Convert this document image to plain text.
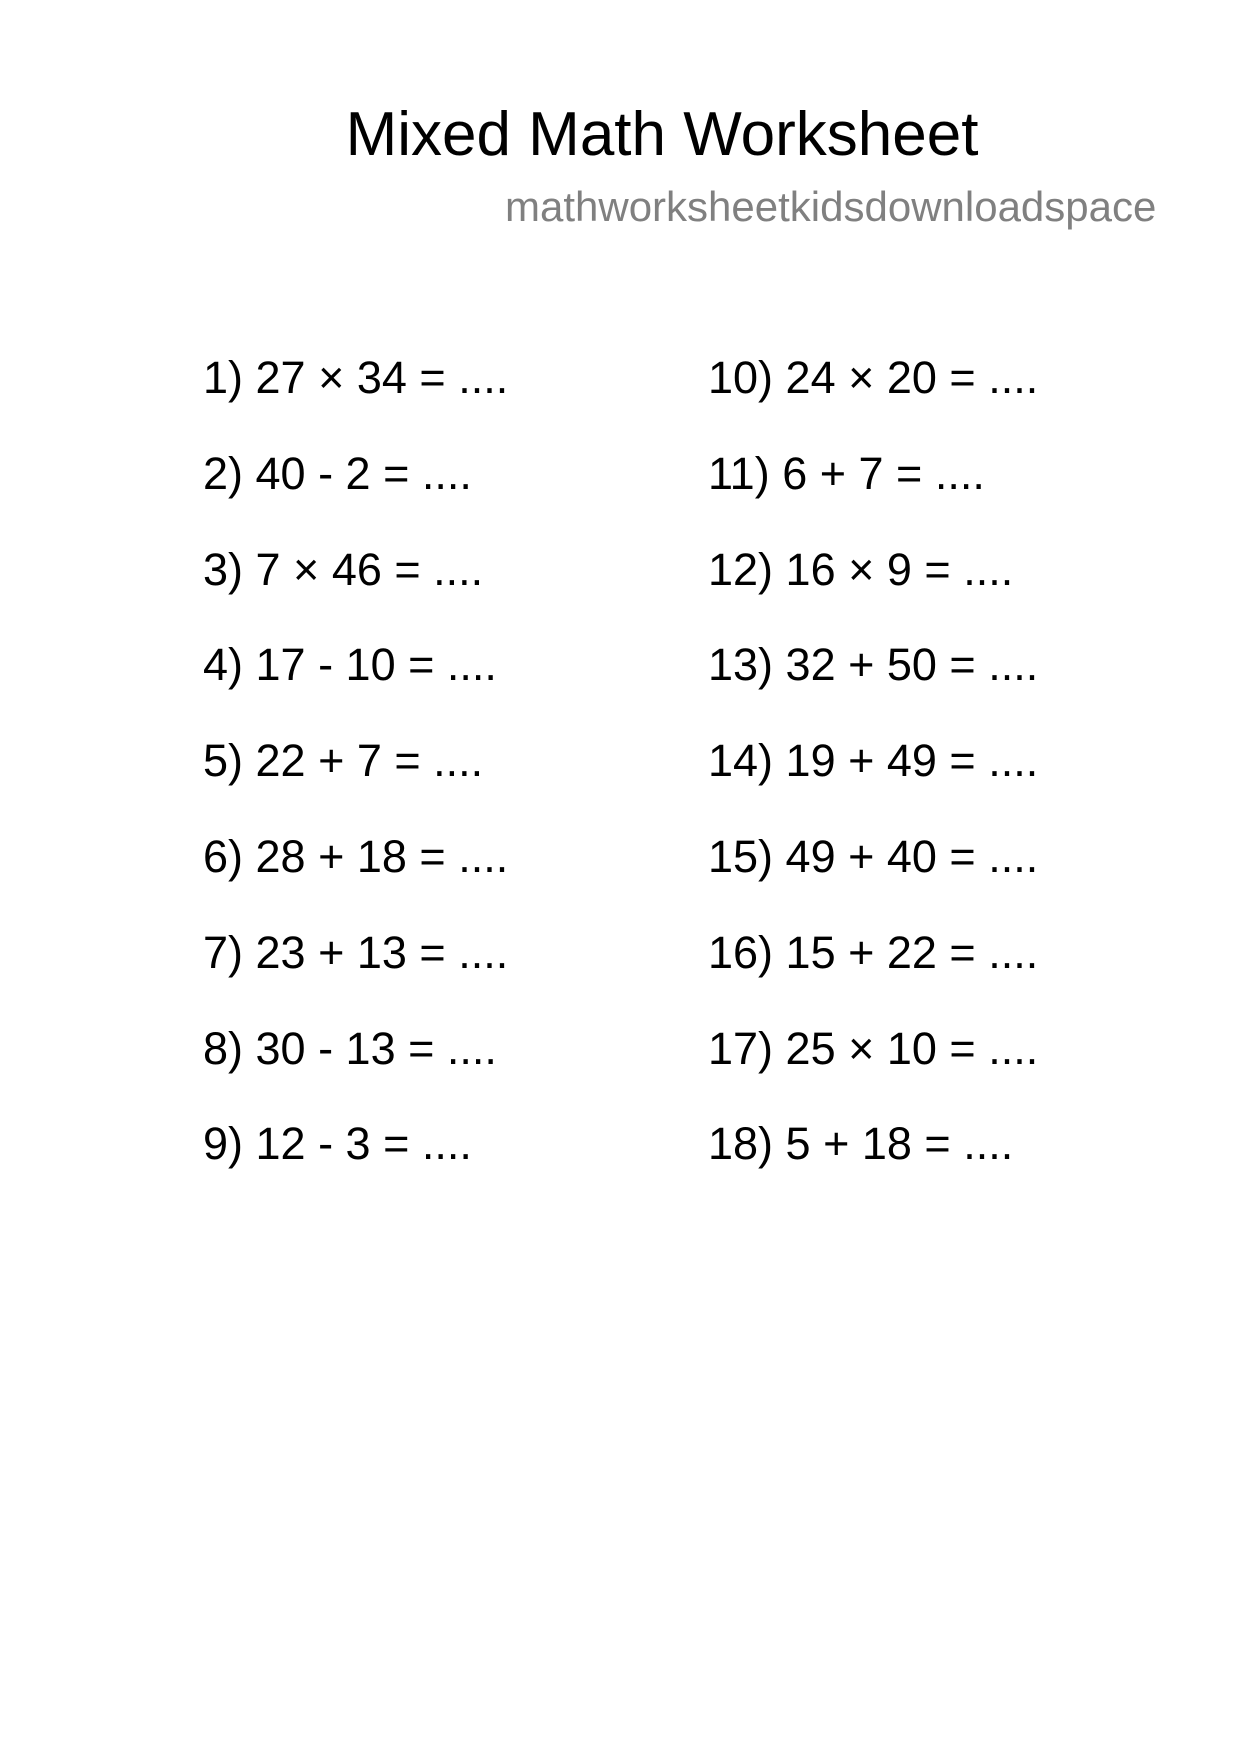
Mixed Math Worksheet
mathworksheetkidsdownloadspace
1) 27 × 34 = ....
2) 40 - 2 = ....
3) 7 × 46 = ....
4) 17 - 10 = ....
5) 22 + 7 = ....
6) 28 + 18 = ....
7) 23 + 13 = ....
8) 30 - 13 = ....
9) 12 - 3 = ....
10) 24 × 20 = ....
11) 6 + 7 = ....
12) 16 × 9 = ....
13) 32 + 50 = ....
14) 19 + 49 = ....
15) 49 + 40 = ....
16) 15 + 22 = ....
17) 25 × 10 = ....
18) 5 + 18 = ....
